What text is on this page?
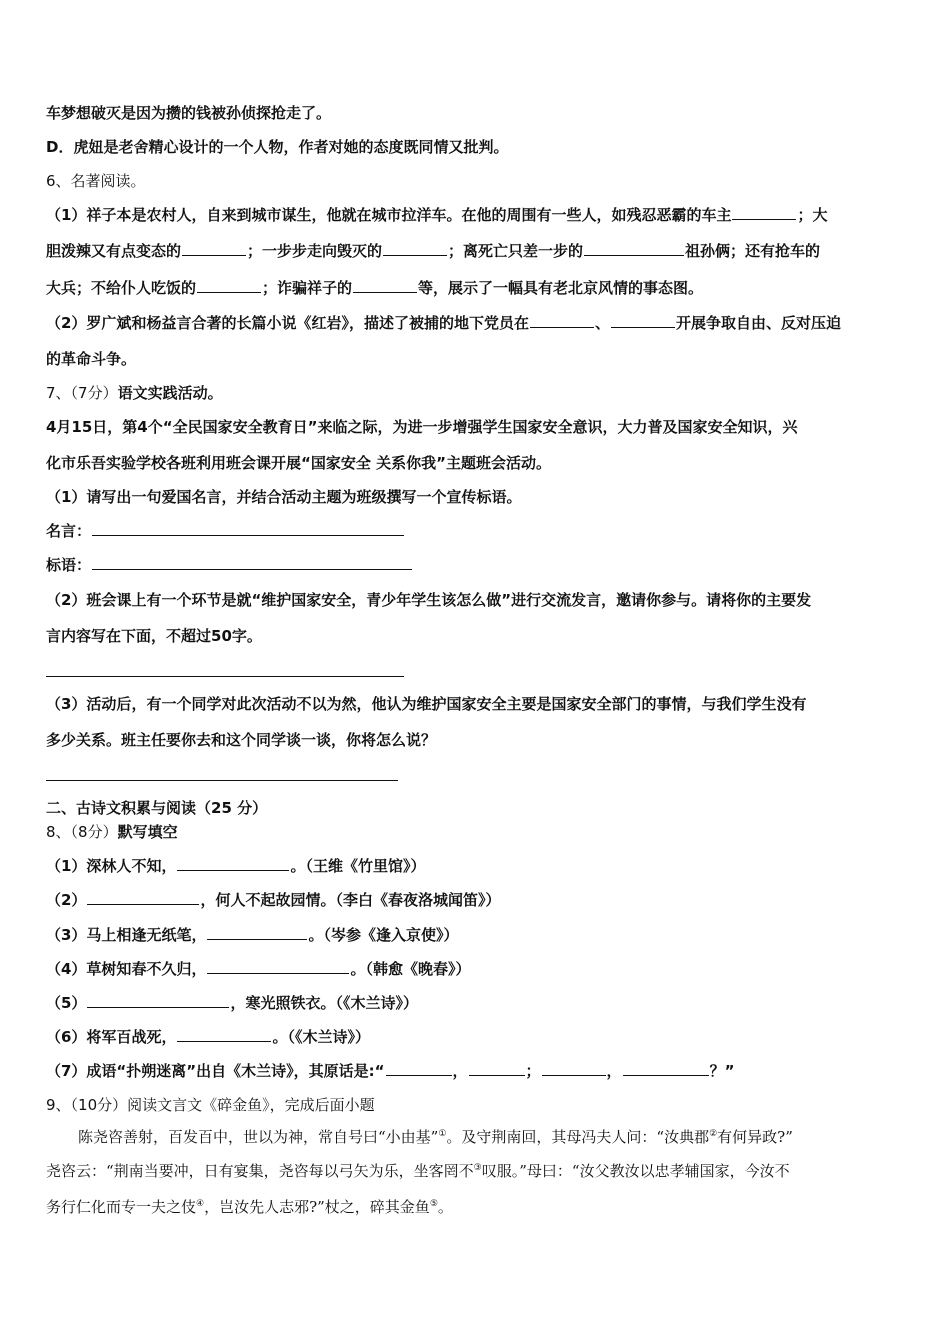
车梦想破灭是因为攒的钱被孙侦探抢走了。
D．虎妞是老舍精心设计的一个人物，作者对她的态度既同情又批判。
6、名著阅读。
（1）祥子本是农村人，自来到城市谋生，他就在城市拉洋车。在他的周围有一些人，如残忍恶霸的车主	；大
胆泼辣又有点变态的	；一步步走向毁灭的	；离死亡只差一步的	祖孙俩；还有抢车的
大兵；不给仆人吃饭的	；诈骗祥子的	等，展示了一幅具有老北京风情的事态图。
（2）罗广斌和杨益言合著的长篇小说《红岩》，描述了被捕的地下党员在	、	开展争取自由、反对压迫
的革命斗争。
7、（7分）语文实践活动。
4月15日，第4个“全民国家安全教育日”来临之际，为进一步增强学生国家安全意识，大力普及国家安全知识，兴
化市乐吾实验学校各班利用班会课开展“国家安全 关系你我”主题班会活动。
（1）请写出一句爱国名言，并结合活动主题为班级撰写一个宣传标语。
名言：
标语：
（2）班会课上有一个环节是就“维护国家安全，青少年学生该怎么做”进行交流发言，邀请你参与。请将你的主要发
言内容写在下面，不超过50字。
（3）活动后，有一个同学对此次活动不以为然，他认为维护国家安全主要是国家安全部门的事情，与我们学生没有
多少关系。班主任要你去和这个同学谈一谈，你将怎么说？
二、古诗文积累与阅读（25 分）
8、（8分）默写填空
（1）深林人不知，	。（王维《竹里馆》）
（2）	，何人不起故园情。（李白《春夜洛城闻笛》）
（3）马上相逢无纸笔，	。（岑参《逢入京使》）
（4）草树知春不久归，	。（韩愈《晚春》）
（5）	，寒光照铁衣。（《木兰诗》）
（6）将军百战死，	。（《木兰诗》）
（7）成语“扑朔迷离”出自《木兰诗》，其原话是:“	，	；	，	？”
9、（10分）阅读文言文《碎金鱼》，完成后面小题
陈尧咨善射，百发百中，世以为神，常自号曰“小由基”①。及守荆南回，其母冯夫人问：“汝典郡②有何异政?”
尧咨云：“荆南当要冲，日有宴集，尧咨每以弓矢为乐，坐客罔不③叹服。”母曰：“汝父教汝以忠孝辅国家，今汝不
务行仁化而专一夫之伎④，岂汝先人志邪?”杖之，碎其金鱼⑤。
